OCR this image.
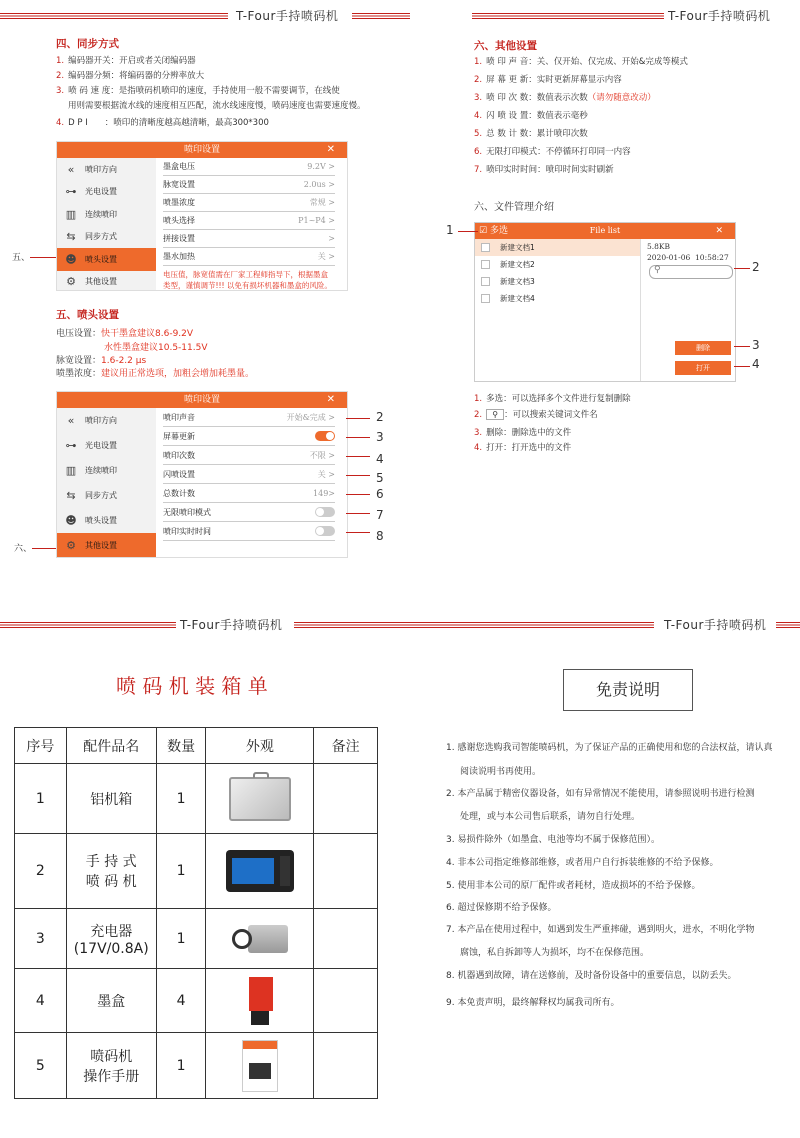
T-Four手持喷码机	T-Four手持喷码机
四、同步方式
1. 编码器开关：开启或者关闭编码器
2. 编码器分频：将编码器的分辨率放大
3. 喷 码 速 度：是指喷码机喷印的速度，手持使用一般不需要调节，在线使
用则需要根据流水线的速度相互匹配，流水线速度慢，喷码速度也需要速度慢。
4. D P I　　：喷印的清晰度越高越清晰，最高300*300
喷印设置	✕
«	喷印方向
⊶	光电设置
▥	连续喷印
⇆	同步方式
☻	喷头设置
⚙	其他设置
墨盒电压	9.2V >
脉宽设置	2.0us >
喷墨浓度	常规 >
喷头选择	P1~P4 >
拼接设置	>
墨水加热	关 >
电压值，脉宽值需在厂家工程师指导下，根据墨盒
类型，谨慎调节!!! 以免有损坏机器和墨盒的风险。
五、
五、喷头设置
电压设置：快干墨盒建议8.6-9.2V
水性墨盒建议10.5-11.5V
脉宽设置：1.6-2.2 μs
喷墨浓度：建议用正常选项，加粗会增加耗墨量。
喷印设置	✕
«	喷印方向
⊶	光电设置
▥	连续喷印
⇆	同步方式
☻	喷头设置
⚙	其他设置
喷印声音	开始&完成 >
屏幕更新
喷印次数	不限 >
闪喷设置	关 >
总数计数	149>
无限喷印模式
喷印实时时间
六、
2
3
4
5
6
7
8
六、其他设置
1. 喷 印 声 音：关、仅开始、仅完成、开始&完成等模式
2. 屏 幕 更 新：实时更新屏幕显示内容
3. 喷 印 次 数：数值表示次数（请勿随意改动）
4. 闪 喷 设 置：数值表示毫秒
5. 总 数 计 数：累计喷印次数
6. 无限打印模式：不停循环打印同一内容
7. 喷印实时时间：喷印时间实时刷新
六、文件管理介绍
☑ 多选	File list	✕
新建文档1
新建文档2
新建文档3
新建文档4
5.8KB
2020-01-06 10:58:27
⚲
删除
打开
1
2
3
4
1. 多选：可以选择多个文件进行复制删除
2. ⚲ ：可以搜索关键词文件名
3. 删除：删除选中的文件
4. 打开：打开选中的文件
T-Four手持喷码机	T-Four手持喷码机
喷 码 机 装 箱 单
序号	配件品名	数量	外观	备注
1	铝机箱	1	

2	手 持 式
喷 码 机	1	

3	充电器
(17V/0.8A)	1	

4	墨盒	4	

5	喷码机
操作手册	1	

免责说明
1. 感谢您选购我司智能喷码机，为了保证产品的正确使用和您的合法权益，请认真
阅读说明书再使用。
2. 本产品属于精密仪器设备，如有异常情况不能使用，请参照说明书进行检测
处理，或与本公司售后联系，请勿自行处理。
3. 易损件除外（如墨盒、电池等均不属于保修范围）。
4. 非本公司指定维修部维修，或者用户自行拆装维修的不给予保修。
5. 使用非本公司的原厂配件或者耗材，造成损坏的不给予保修。
6. 超过保修期不给予保修。
7. 本产品在使用过程中，如遇到发生严重摔碰，遇到明火，进水，不明化学物
腐蚀，私自拆卸等人为损坏，均不在保修范围。
8. 机器遇到故障，请在送修前，及时备份设备中的重要信息，以防丢失。
9. 本免责声明，最终解释权均属我司所有。
